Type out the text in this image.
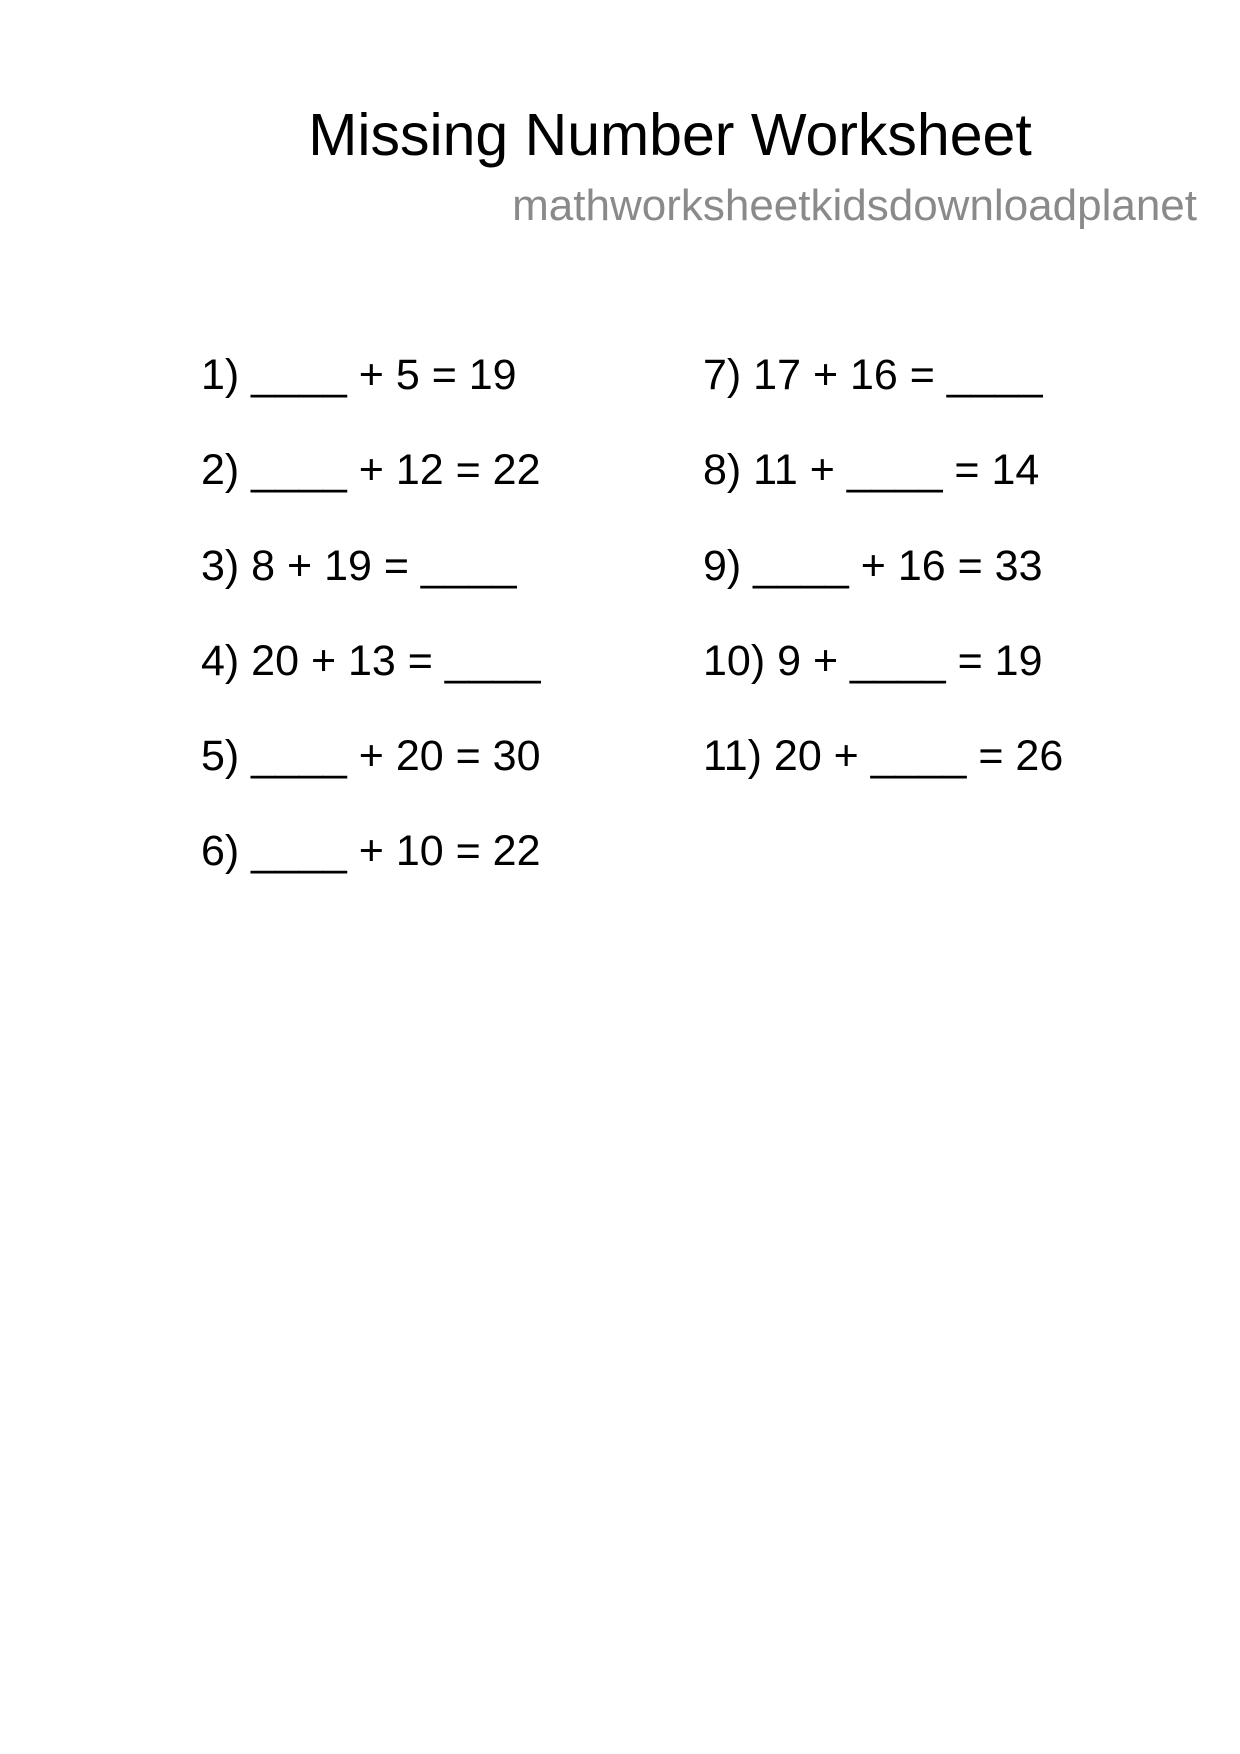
Missing Number Worksheet
mathworksheetkidsdownloadplanet
1) ____ + 5 = 19
2) ____ + 12 = 22
3) 8 + 19 = ____
4) 20 + 13 = ____
5) ____ + 20 = 30
6) ____ + 10 = 22
7) 17 + 16 = ____
8) 11 + ____ = 14
9) ____ + 16 = 33
10) 9 + ____ = 19
11) 20 + ____ = 26
